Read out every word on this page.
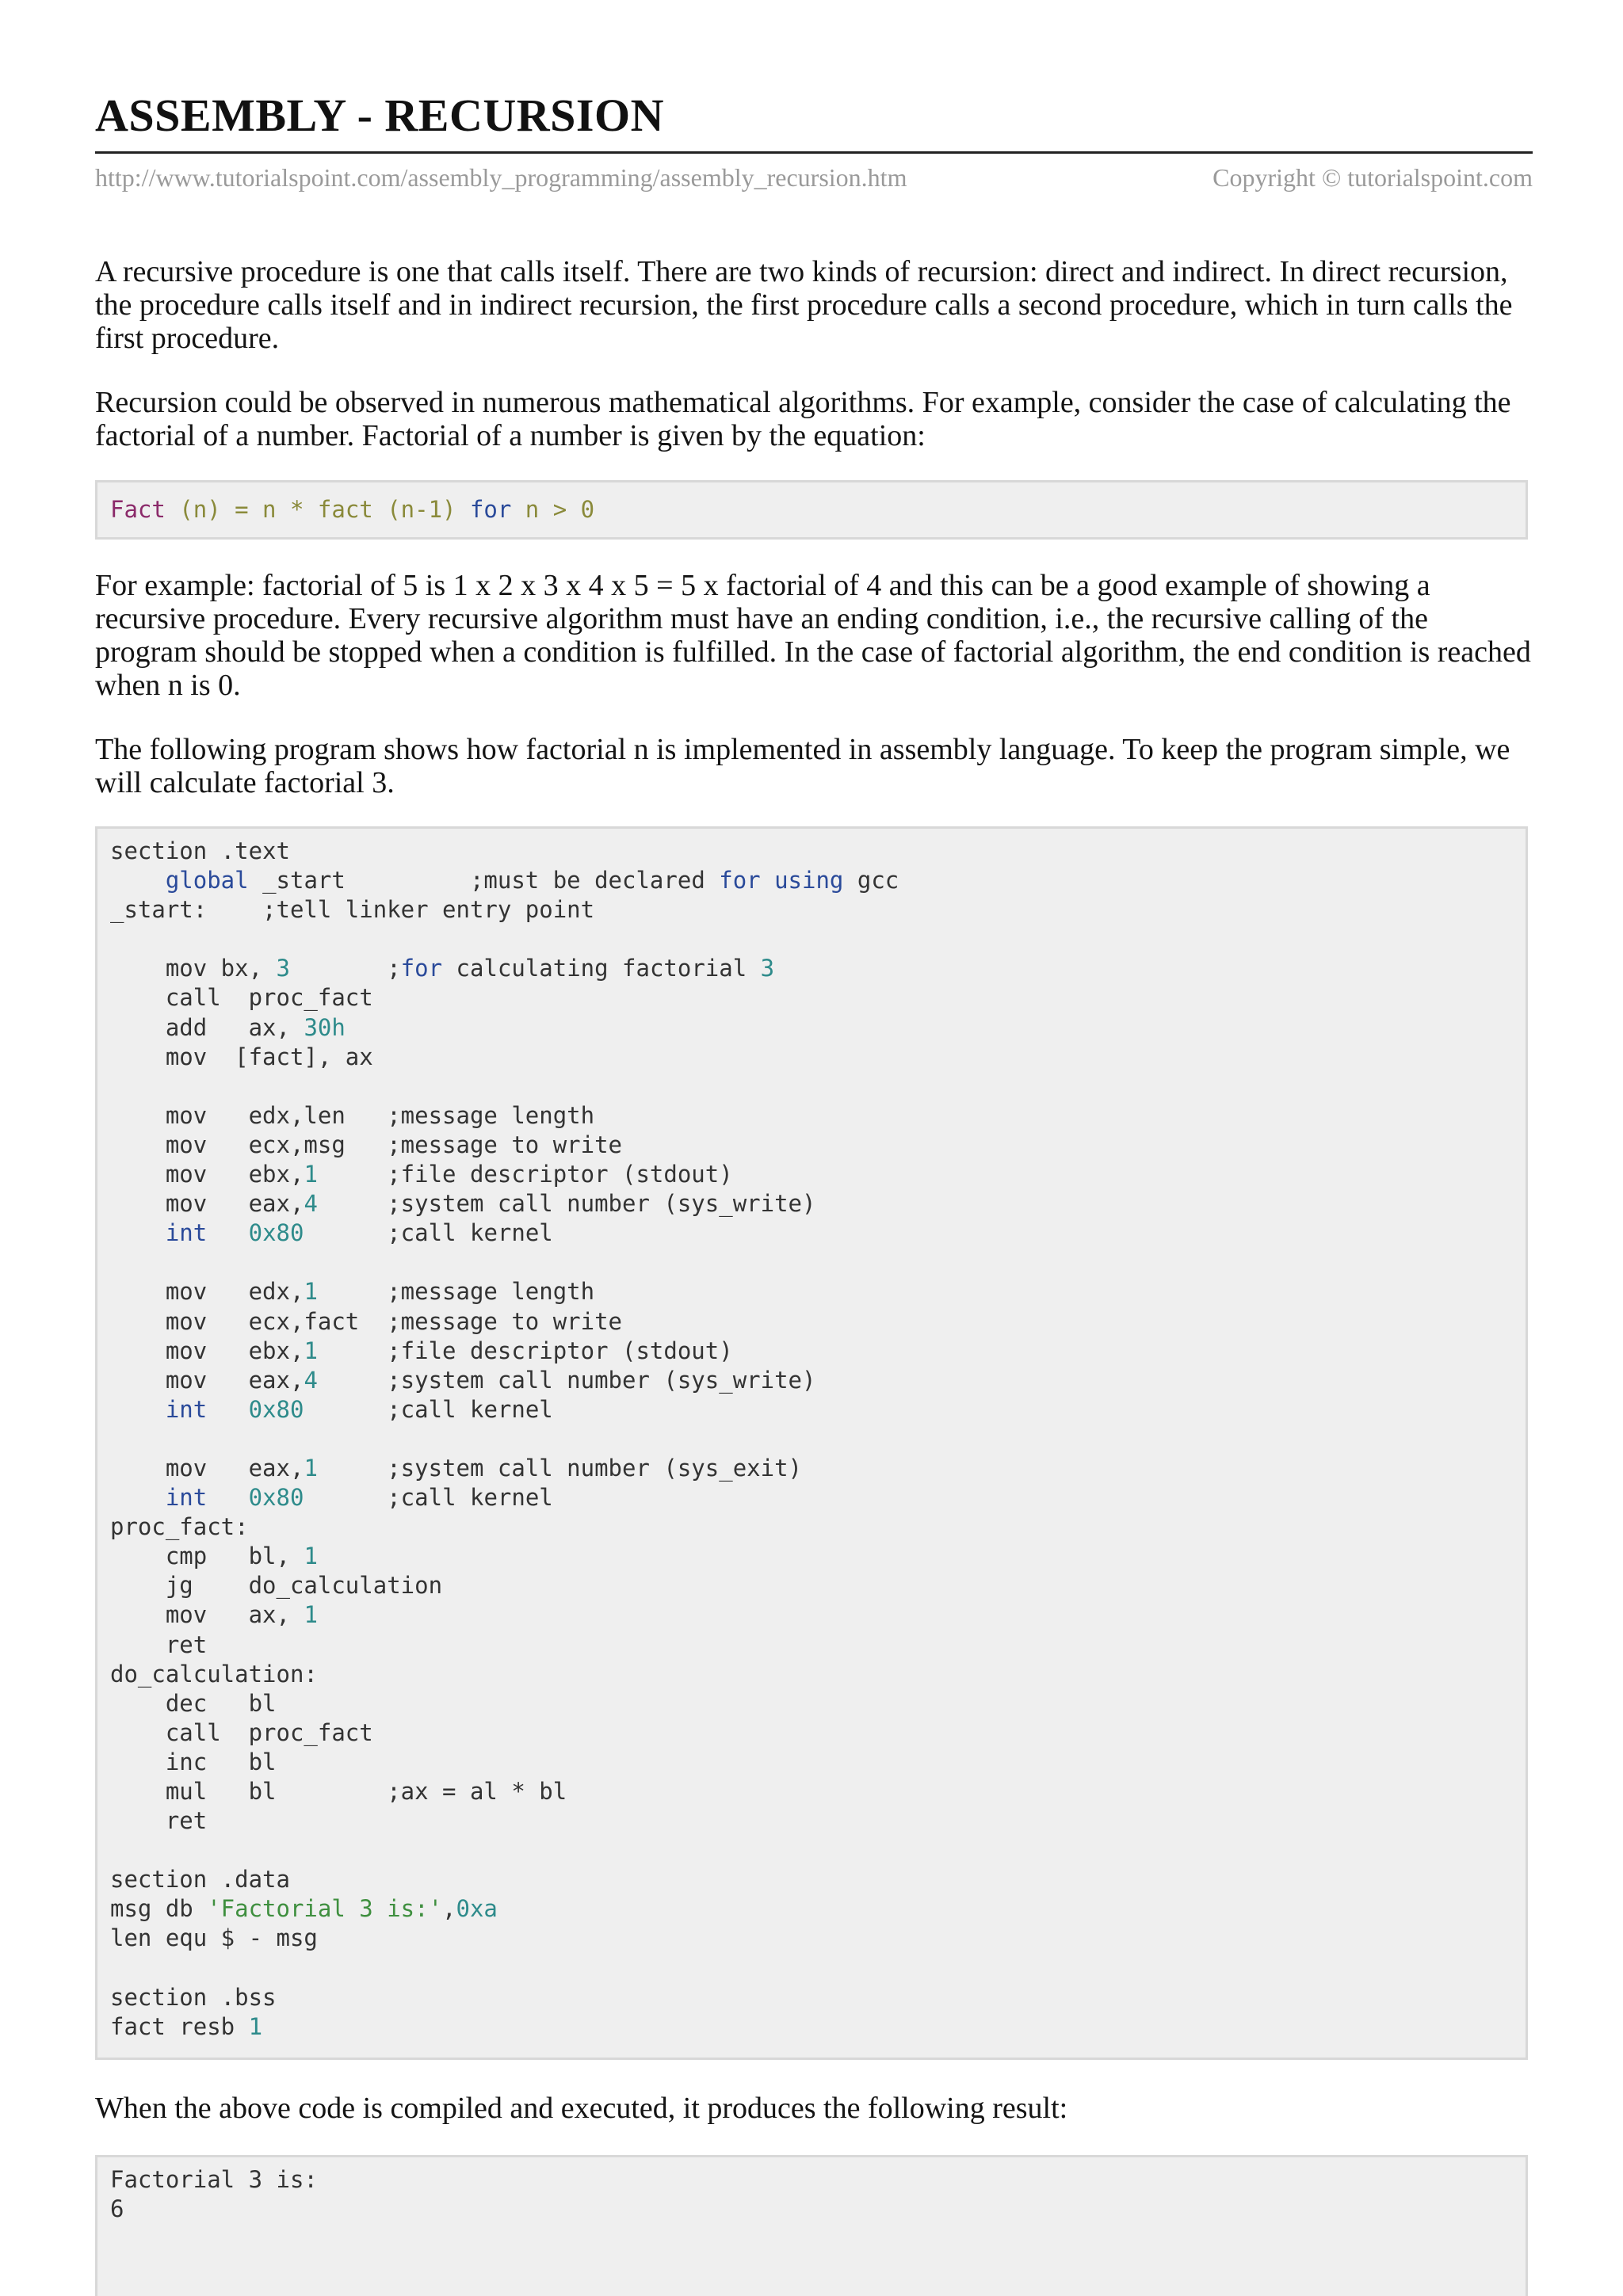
ASSEMBLY - RECURSION
http://www.tutorialspoint.com/assembly_programming/assembly_recursion.htm	Copyright © tutorialspoint.com

A recursive procedure is one that calls itself. There are two kinds of recursion: direct and indirect. In direct recursion, the procedure calls itself and in indirect recursion, the first procedure calls a second procedure, which in turn calls the first procedure.

Recursion could be observed in numerous mathematical algorithms. For example, consider the case of calculating the factorial of a number. Factorial of a number is given by the equation:

Fact (n) = n * fact (n-1) for n > 0

For example: factorial of 5 is 1 x 2 x 3 x 4 x 5 = 5 x factorial of 4 and this can be a good example of showing a recursive procedure. Every recursive algorithm must have an ending condition, i.e., the recursive calling of the program should be stopped when a condition is fulfilled. In the case of factorial algorithm, the end condition is reached when n is 0.

The following program shows how factorial n is implemented in assembly language. To keep the program simple, we will calculate factorial 3.

section .text
global _start         ;must be declared for using gcc
_start:    ;tell linker entry point

mov bx, 3       ;for calculating factorial 3
call  proc_fact
add   ax, 30h
mov  [fact], ax

mov   edx,len   ;message length
mov   ecx,msg   ;message to write
mov   ebx,1     ;file descriptor (stdout)
mov   eax,4     ;system call number (sys_write)
int 0x80      ;call kernel

mov   edx,1     ;message length
mov   ecx,fact  ;message to write
mov   ebx,1     ;file descriptor (stdout)
mov   eax,4     ;system call number (sys_write)
int 0x80      ;call kernel

mov   eax,1     ;system call number (sys_exit)
int 0x80      ;call kernel
proc_fact:
cmp   bl, 1
jg    do_calculation
mov   ax, 1
ret
do_calculation:
dec   bl
call  proc_fact
inc   bl
mul   bl        ;ax = al * bl
ret

section .data
msg db 'Factorial 3 is:',0xa
len equ $ - msg

section .bss
fact resb 1

When the above code is compiled and executed, it produces the following result:

Factorial 3 is:
6
